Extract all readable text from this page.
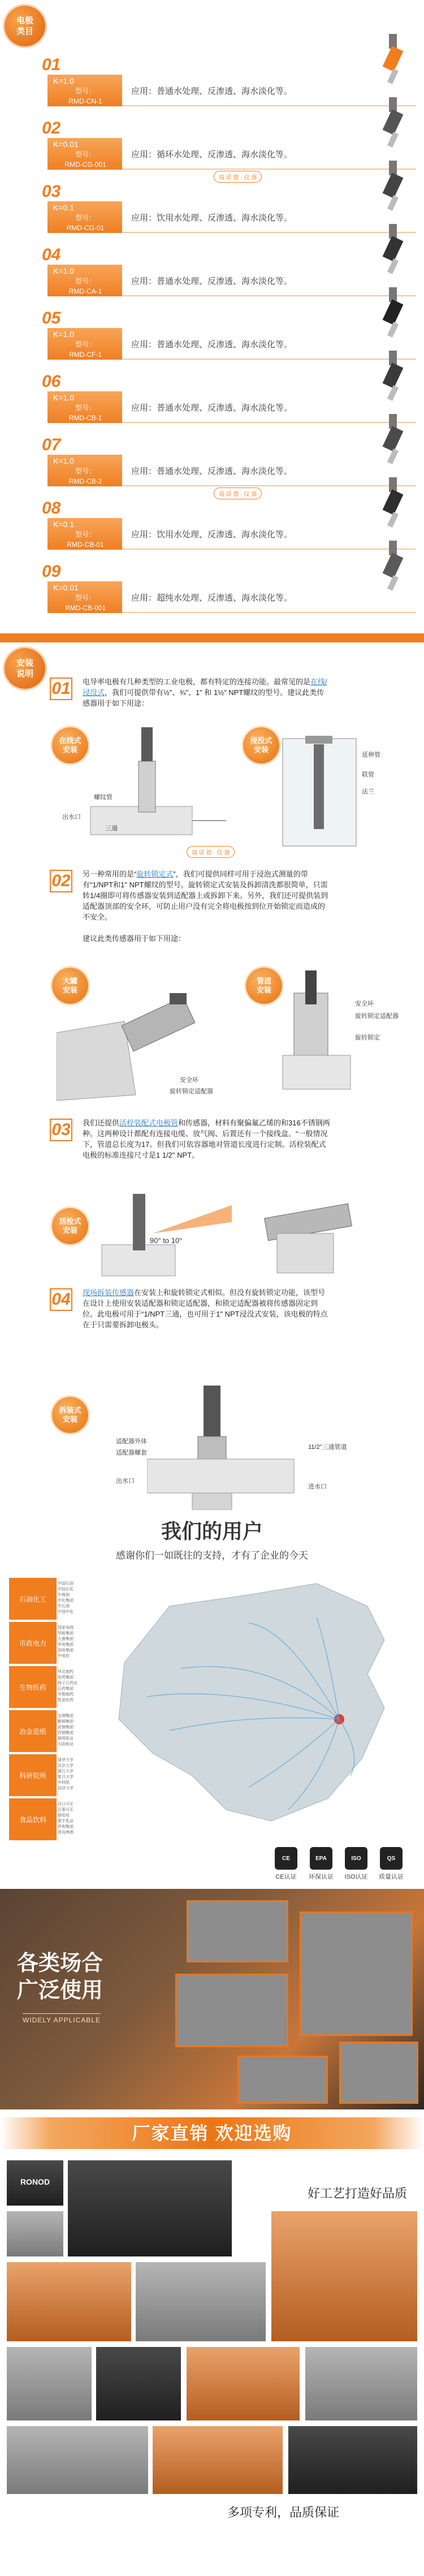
电极
类目
01
K=1.0
型号：
RMD-CN-1
应用：普通水处理、反渗透、海水淡化等。
02
K=0.01
型号：
RMD-CG-001
应用：循环水处理、反渗透、海水淡化等。
瑞 诺 德 · 仪 器
03
K=0.1
型号：
RMD-CG-01
应用：饮用水处理、反渗透、海水淡化等。
04
K=1.0
型号：
RMD-CA-1
应用：普通水处理、反渗透、海水淡化等。
05
K=1.0
型号：
RMD-CF-1
应用：普通水处理、反渗透、海水淡化等。
06
K=1.0
型号：
RMD-CB-1
应用：普通水处理、反渗透、海水淡化等。
07
K=1.0
型号：
RMD-CB-2
应用：普通水处理、反渗透、海水淡化等。
瑞 诺 德 · 仪 器
08
K=0.1
型号：
RMD-CB-01
应用：饮用水处理、反渗透、海水淡化等。
09
K=0.01
型号：
RMD-CB-001
应用：超纯水处理、反渗透、海水淡化等。
安装
说明
01 电导率电极有几种类型的工业电极，都有特定的连接功能。最常见的是在线/浸没式，我们可提供带有½"、¾"、1" 和 1½" NPT螺纹的型号。建议此类传感器用于如下用途：
在线式
安装
浸没式
安装
螺纹管
三通
出水口
延伸管
联管
法兰
02 另一种常用的是“旋转锁定式”，我们可提供同样可用于浸泡式测量的带有“1/NPT和1" NPT螺纹的型号。旋转锁定式安装及拆卸清洗都很简单，只需转1/4圈即可将传感器安装到适配器上或拆卸下来。另外，我们还可提供装到适配器顶部的安全环，可防止用户没有完全将电极按到位开始锁定而造成的不安全。

建议此类传感器用于如下用途：
瑞 诺 德 · 仪 器
大罐
安装
管道
安装
安全环
旋转锁定适配器
安全环
旋转锁定适配器
旋转锁定
03 我们还提供活栓装配式电极管和传感器，材料有聚偏氟乙烯的和316不锈钢两种。这两种设计都配有连接电缆、放气阀、后置还有一个接线盒。“一般情况下，管道总长度为17。但我们可依容器地对管道长度进行定制。活栓装配式电极的标准连接尺寸是1 1/2" NPT。
活栓式
安装
90° to 10°
04 现场拆装传感器在安装上和旋转锁定式相似。但没有旋转锁定功能，该型号在设计上使用安装适配器和锁定适配器，和锁定适配器被将传感器固定到位。此电极可用于“1/NPT三通，也可用于1" NPT浸没式安装，该电极的特点在于只需要拆卸电极头。
拆装式
安装
适配器外体
适配器螺套
出水口
11/2"三通管道
进水口
我们的用户
感谢你们一如既往的支持，才有了企业的今天
石油化工
中国石油
中国石化
中海油
中化集团
中石油
中国中化
市政电力
国家电网
华能集团
大唐集团
华电集团
国电集团
中电投
生物医药
华北制药
哈药集团
扬子江药业
石药集团
齐鲁制药
复星医药
冶金造纸
宝钢集团
鞍钢集团
武钢集团
首钢集团
晨鸣纸业
太阳纸业
科研院所
清华大学
北京大学
浙江大学
复旦大学
中科院
同济大学
食品饮料
可口可乐
百事可乐
娃哈哈
蒙牛乳业
伊利集团
青岛啤酒
CE
CE认证
EPA
环保认证
ISO
ISO认证
QS
质量认证
各类场合
广泛使用
WIDELY APPLICABLE
厂家直销 欢迎选购
好工艺打造好品质
RONOD
多项专利，品质保证
